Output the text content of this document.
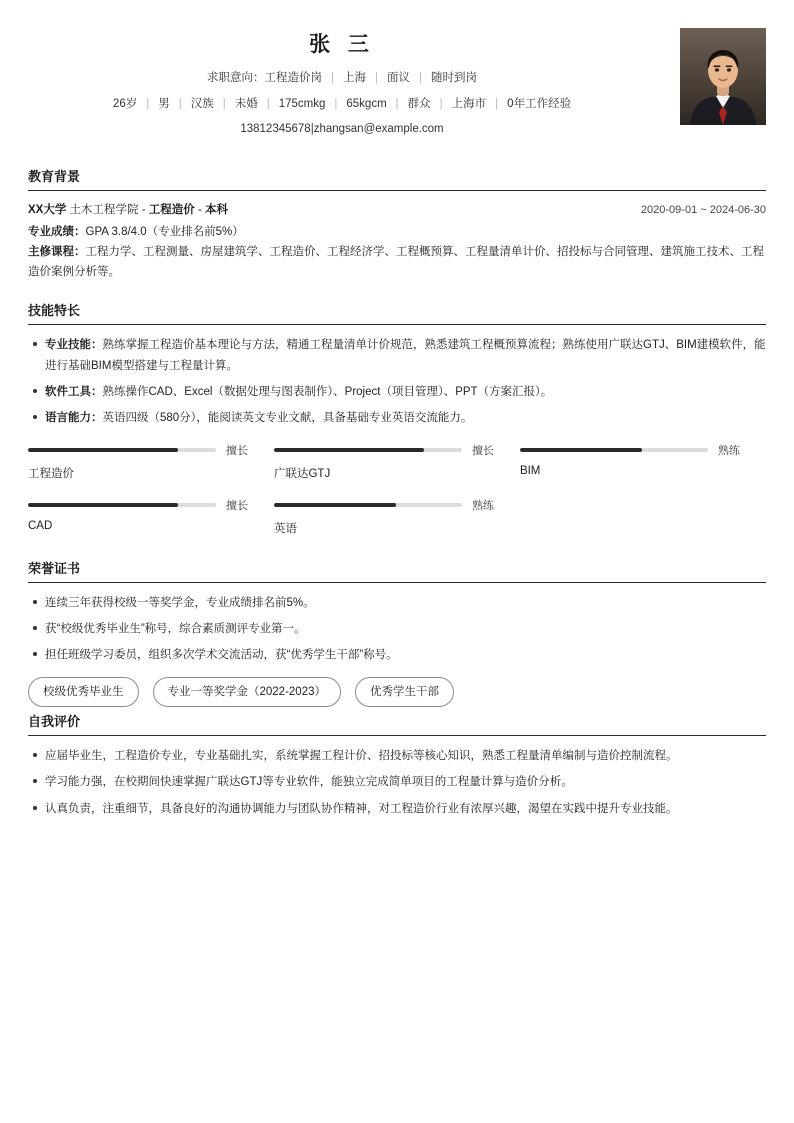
张 三
求职意向：工程造价岗 | 上海 | 面议 | 随时到岗
26岁 | 男 | 汉族 | 未婚 | 175cmkg | 65kgcm | 群众 | 上海市 | 0年工作经验
13812345678|zhangsan@example.com
教育背景
XX大学 土木工程学院 - 工程造价 - 本科	2020-09-01 ~ 2024-06-30
专业成绩：GPA 3.8/4.0（专业排名前5%）
主修课程：工程力学、工程测量、房屋建筑学、工程造价、工程经济学、工程概预算、工程量清单计价、招投标与合同管理、建筑施工技术、工程造价案例分析等。
技能特长
专业技能：熟练掌握工程造价基本理论与方法，精通工程量清单计价规范，熟悉建筑工程概预算流程；熟练使用广联达GTJ、BIM建模软件，能进行基础BIM模型搭建与工程量计算。
软件工具：熟练操作CAD、Excel（数据处理与图表制作）、Project（项目管理）、PPT（方案汇报）。
语言能力：英语四级（580分），能阅读英文专业文献，具备基础专业英语交流能力。
擅长
工程造价
擅长
广联达GTJ
熟练
BIM
擅长
CAD
熟练
英语
荣誉证书
连续三年获得校级一等奖学金，专业成绩排名前5%。
获“校级优秀毕业生”称号，综合素质测评专业第一。
担任班级学习委员，组织多次学术交流活动，获“优秀学生干部”称号。
校级优秀毕业生	专业一等奖学金（2022-2023）	优秀学生干部
自我评价
应届毕业生，工程造价专业，专业基础扎实，系统掌握工程计价、招投标等核心知识，熟悉工程量清单编制与造价控制流程。
学习能力强，在校期间快速掌握广联达GTJ等专业软件，能独立完成简单项目的工程量计算与造价分析。
认真负责，注重细节，具备良好的沟通协调能力与团队协作精神，对工程造价行业有浓厚兴趣，渴望在实践中提升专业技能。
